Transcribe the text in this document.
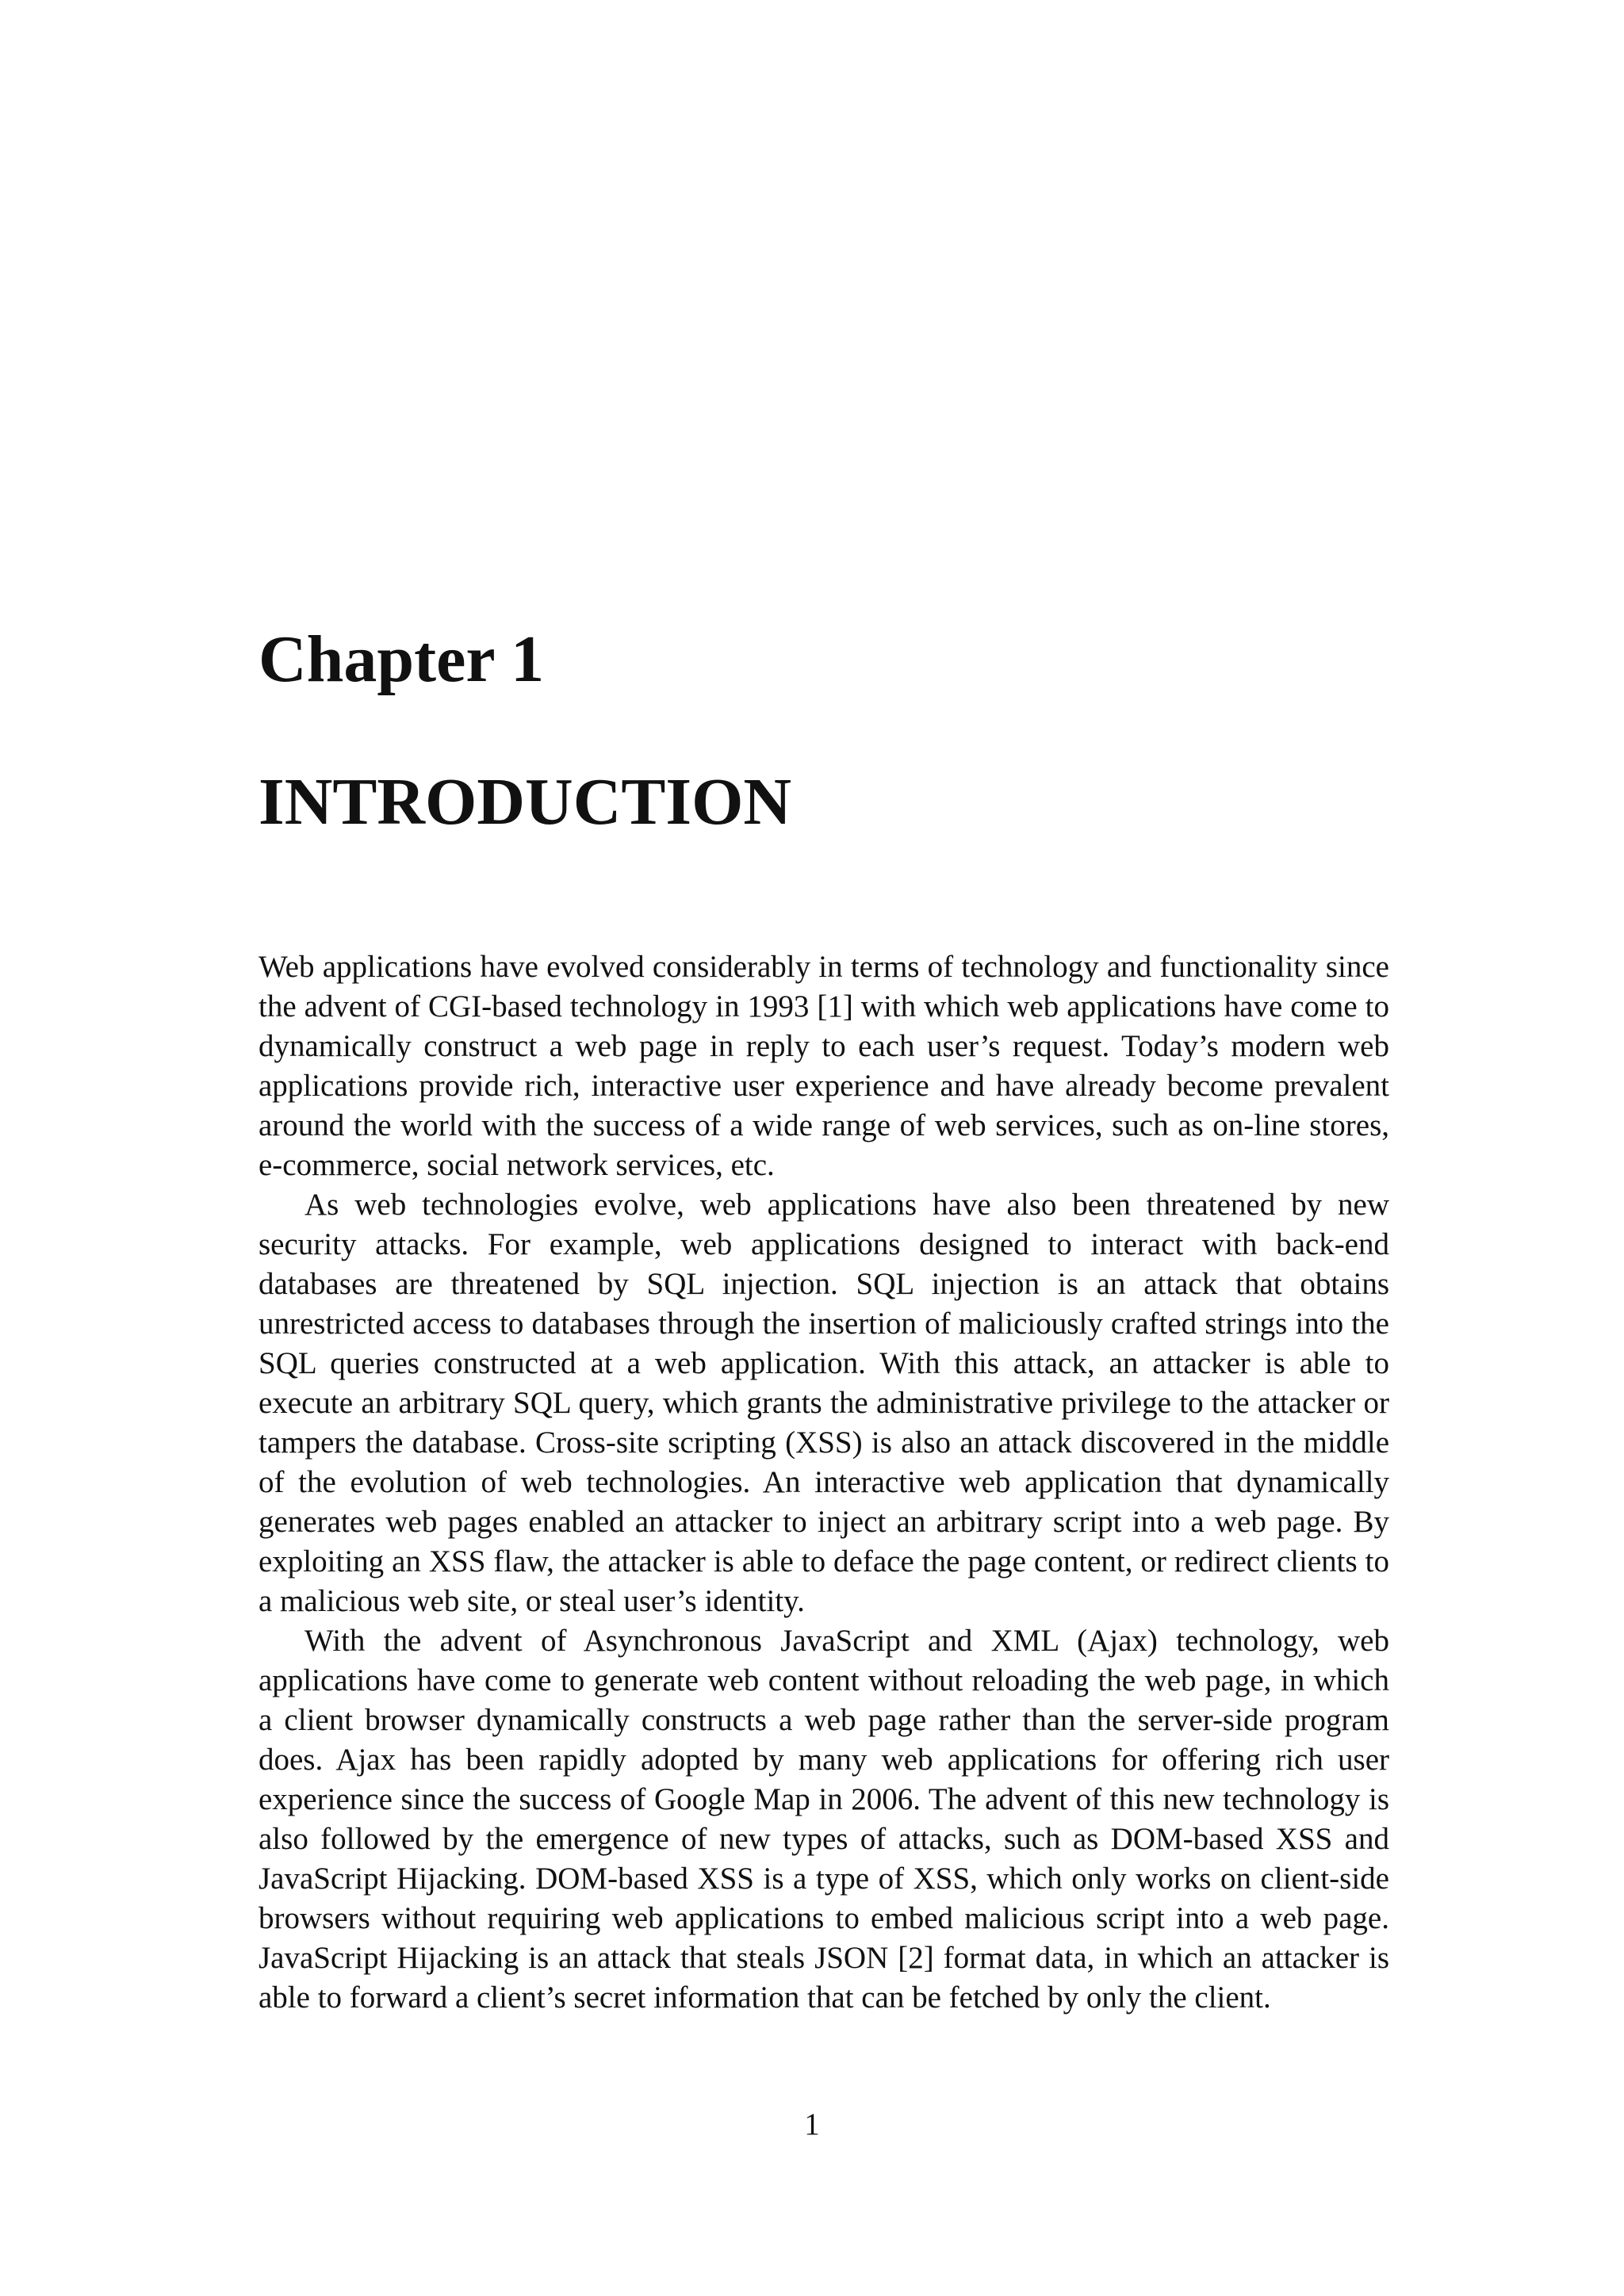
Chapter 1
INTRODUCTION

Web applications have evolved considerably in terms of technology and functionality since the advent of CGI-based technology in 1993 [1] with which web applications have come to dynamically construct a web page in reply to each user’s request. Today’s modern web applications provide rich, interactive user experience and have already become prevalent around the world with the success of a wide range of web services, such as on-line stores, e-commerce, social network services, etc.

As web technologies evolve, web applications have also been threatened by new security attacks. For example, web applications designed to interact with back-end databases are threatened by SQL injection. SQL injection is an attack that obtains unrestricted access to databases through the insertion of maliciously crafted strings into the SQL queries constructed at a web application. With this attack, an attacker is able to execute an arbitrary SQL query, which grants the administrative privilege to the attacker or tampers the database. Cross-site scripting (XSS) is also an attack discovered in the middle of the evolution of web technologies. An interactive web application that dynamically generates web pages enabled an attacker to inject an arbitrary script into a web page. By exploiting an XSS flaw, the attacker is able to deface the page content, or redirect clients to a malicious web site, or steal user’s identity.

With the advent of Asynchronous JavaScript and XML (Ajax) technology, web applications have come to generate web content without reloading the web page, in which a client browser dynamically constructs a web page rather than the server-side program does. Ajax has been rapidly adopted by many web applications for offering rich user experience since the success of Google Map in 2006. The advent of this new technology is also followed by the emergence of new types of attacks, such as DOM-based XSS and JavaScript Hijacking. DOM-based XSS is a type of XSS, which only works on client-side browsers without requiring web applications to embed malicious script into a web page. JavaScript Hijacking is an attack that steals JSON [2] format data, in which an attacker is able to forward a client’s secret information that can be fetched by only the client.

1
